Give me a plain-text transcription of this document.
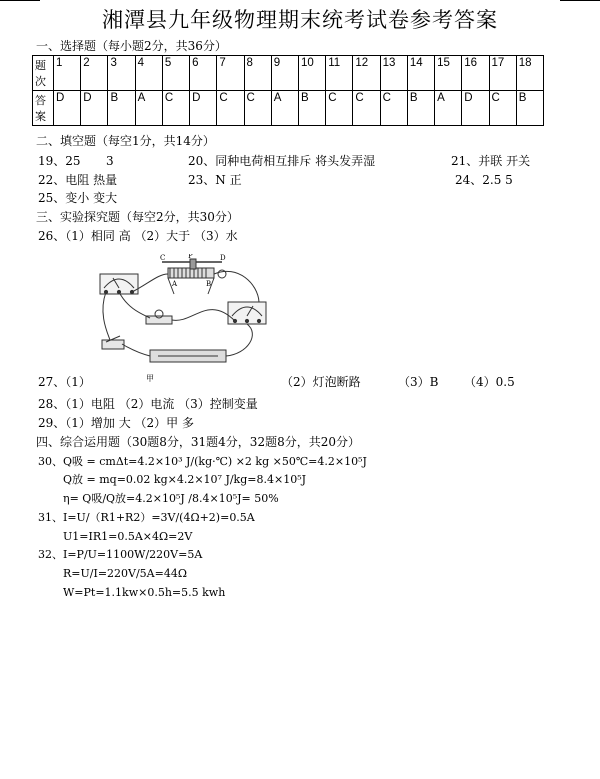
湘潭县九年级物理期末统考试卷参考答案
一、选择题（每小题2分，共36分）
题
次	1	2	3	4	5	6	7	8	9	10	11	12	13	14	15	16	17	18

答
案	D	D	B	A	C	D	C	C	A	B	C	C	C	B	A	D	C	B
二、填空题（每空1分，共14分）
19、25 3	20、同种电荷相互排斥 将头发弄湿	21、并联 开关
22、电阻 热量	23、N 正	24、2.5 5
25、变小 变大
三、实验探究题（每空2分，共30分）
26、（1）相同 高 （2）大于 （3）水
C	P	D
A	B
甲
27、（1）	（2）灯泡断路	（3）B （4）0.5
28、（1）电阻 （2）电流 （3）控制变量
29、（1）增加 大 （2）甲 多
四、综合运用题（30题8分，31题4分，32题8分，共20分）
30、Q吸 = cmΔt=4.2×10³ J/(kg·℃) ×2 kg ×50℃=4.2×10⁵J
Q放 = mq=0.02 kg×4.2×10⁷ J/kg=8.4×10⁵J
η= Q吸/Q放=4.2×10⁵J /8.4×10⁵J= 50%
31、I=U/（R1+R2）=3V/(4Ω+2)=0.5A
U1=IR1=0.5A×4Ω=2V
32、I=P/U=1100W/220V=5A
R=U/I=220V/5A=44Ω
W=Pt=1.1kw×0.5h=5.5 kwh
